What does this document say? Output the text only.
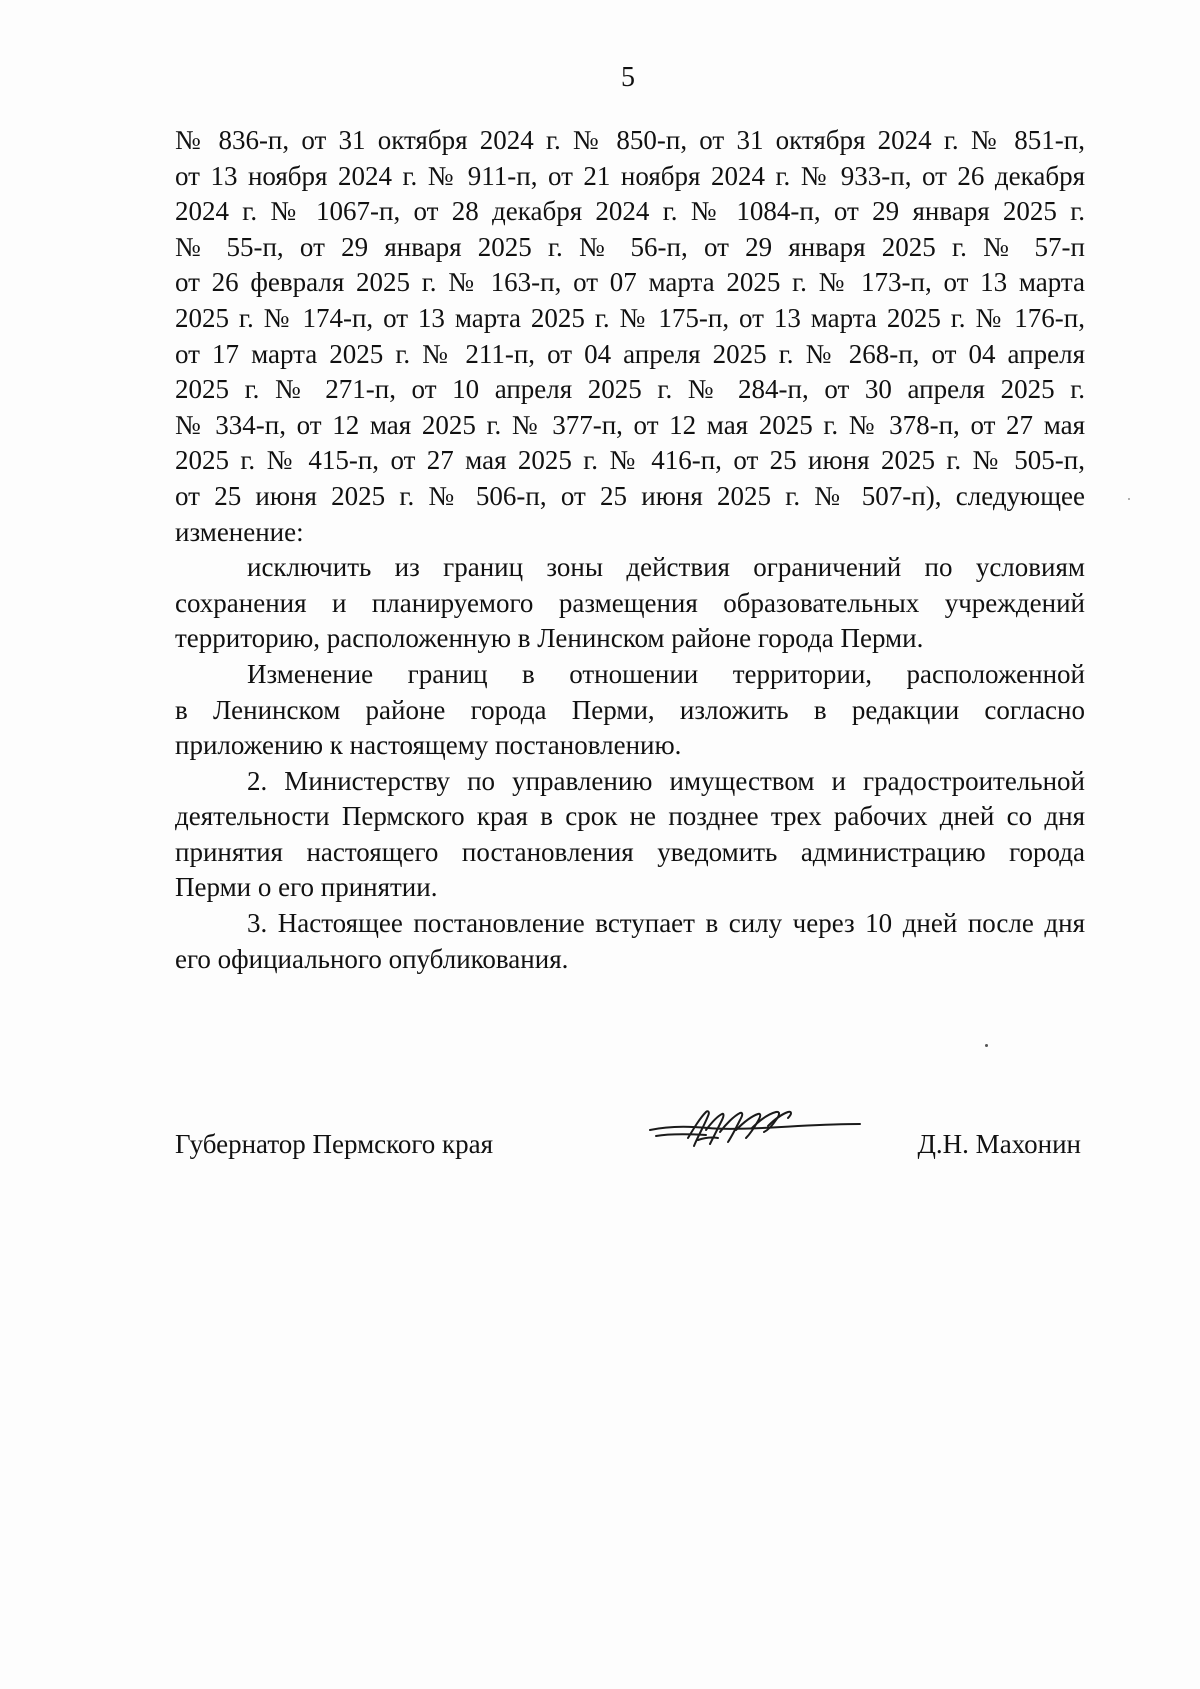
5

№ 836-п, от 31 октября 2024 г. № 850-п, от 31 октября 2024 г. № 851-п,

от 13 ноября 2024 г. № 911-п, от 21 ноября 2024 г. № 933-п, от 26 декабря

2024 г. № 1067-п, от 28 декабря 2024 г. № 1084-п, от 29 января 2025 г.

№ 55-п, от 29 января 2025 г. № 56-п, от 29 января 2025 г. № 57-п

от 26 февраля 2025 г. № 163-п, от 07 марта 2025 г. № 173-п, от 13 марта

2025 г. № 174-п, от 13 марта 2025 г. № 175-п, от 13 марта 2025 г. № 176-п,

от 17 марта 2025 г. № 211-п, от 04 апреля 2025 г. № 268-п, от 04 апреля

2025 г. № 271-п, от 10 апреля 2025 г. № 284-п, от 30 апреля 2025 г.

№ 334-п, от 12 мая 2025 г. № 377-п, от 12 мая 2025 г. № 378-п, от 27 мая

2025 г. № 415-п, от 27 мая 2025 г. № 416-п, от 25 июня 2025 г. № 505-п,

от 25 июня 2025 г. № 506-п, от 25 июня 2025 г. № 507-п), следующее

изменение:

исключить из границ зоны действия ограничений по условиям

сохранения и планируемого размещения образовательных учреждений

территорию, расположенную в Ленинском районе города Перми.

Изменение границ в отношении территории, расположенной

в Ленинском районе города Перми, изложить в редакции согласно

приложению к настоящему постановлению.

2. Министерству по управлению имуществом и градостроительной

деятельности Пермского края в срок не позднее трех рабочих дней со дня

принятия настоящего постановления уведомить администрацию города

Перми о его принятии.

3. Настоящее постановление вступает в силу через 10 дней после дня

его официального опубликования.

Губернатор Пермского края	Д.Н. Махонин
